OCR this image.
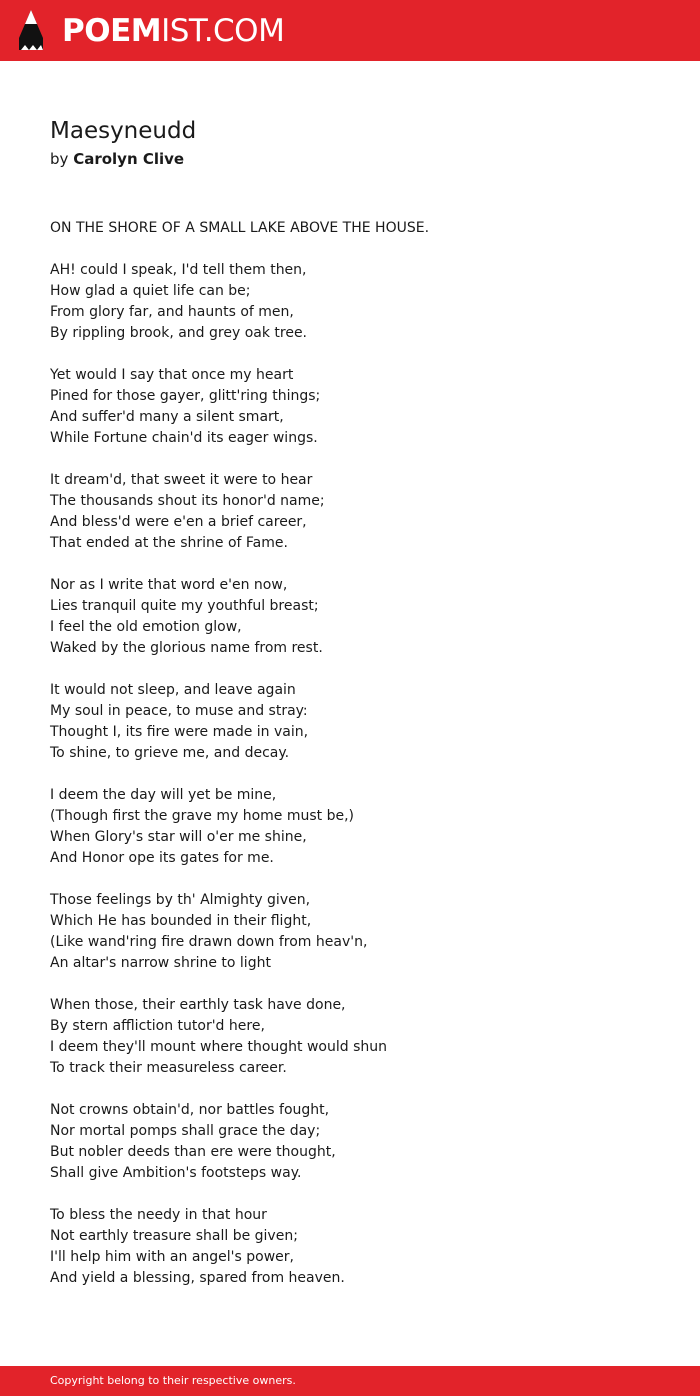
POEMIST.COM
Maesyneudd
by Carolyn Clive
ON THE SHORE OF A SMALL LAKE ABOVE THE HOUSE.
AH! could I speak, I'd tell them then,
How glad a quiet life can be;
From glory far, and haunts of men,
By rippling brook, and grey oak tree.
Yet would I say that once my heart
Pined for those gayer, glitt'ring things;
And suffer'd many a silent smart,
While Fortune chain'd its eager wings.
It dream'd, that sweet it were to hear
The thousands shout its honor'd name;
And bless'd were e'en a brief career,
That ended at the shrine of Fame.
Nor as I write that word e'en now,
Lies tranquil quite my youthful breast;
I feel the old emotion glow,
Waked by the glorious name from rest.
It would not sleep, and leave again
My soul in peace, to muse and stray:
Thought I, its fire were made in vain,
To shine, to grieve me, and decay.
I deem the day will yet be mine,
(Though first the grave my home must be,)
When Glory's star will o'er me shine,
And Honor ope its gates for me.
Those feelings by th' Almighty given,
Which He has bounded in their flight,
(Like wand'ring fire drawn down from heav'n,
An altar's narrow shrine to light
When those, their earthly task have done,
By stern affliction tutor'd here,
I deem they'll mount where thought would shun
To track their measureless career.
Not crowns obtain'd, nor battles fought,
Nor mortal pomps shall grace the day;
But nobler deeds than ere were thought,
Shall give Ambition's footsteps way.
To bless the needy in that hour
Not earthly treasure shall be given;
I'll help him with an angel's power,
And yield a blessing, spared from heaven.
Copyright belong to their respective owners.
